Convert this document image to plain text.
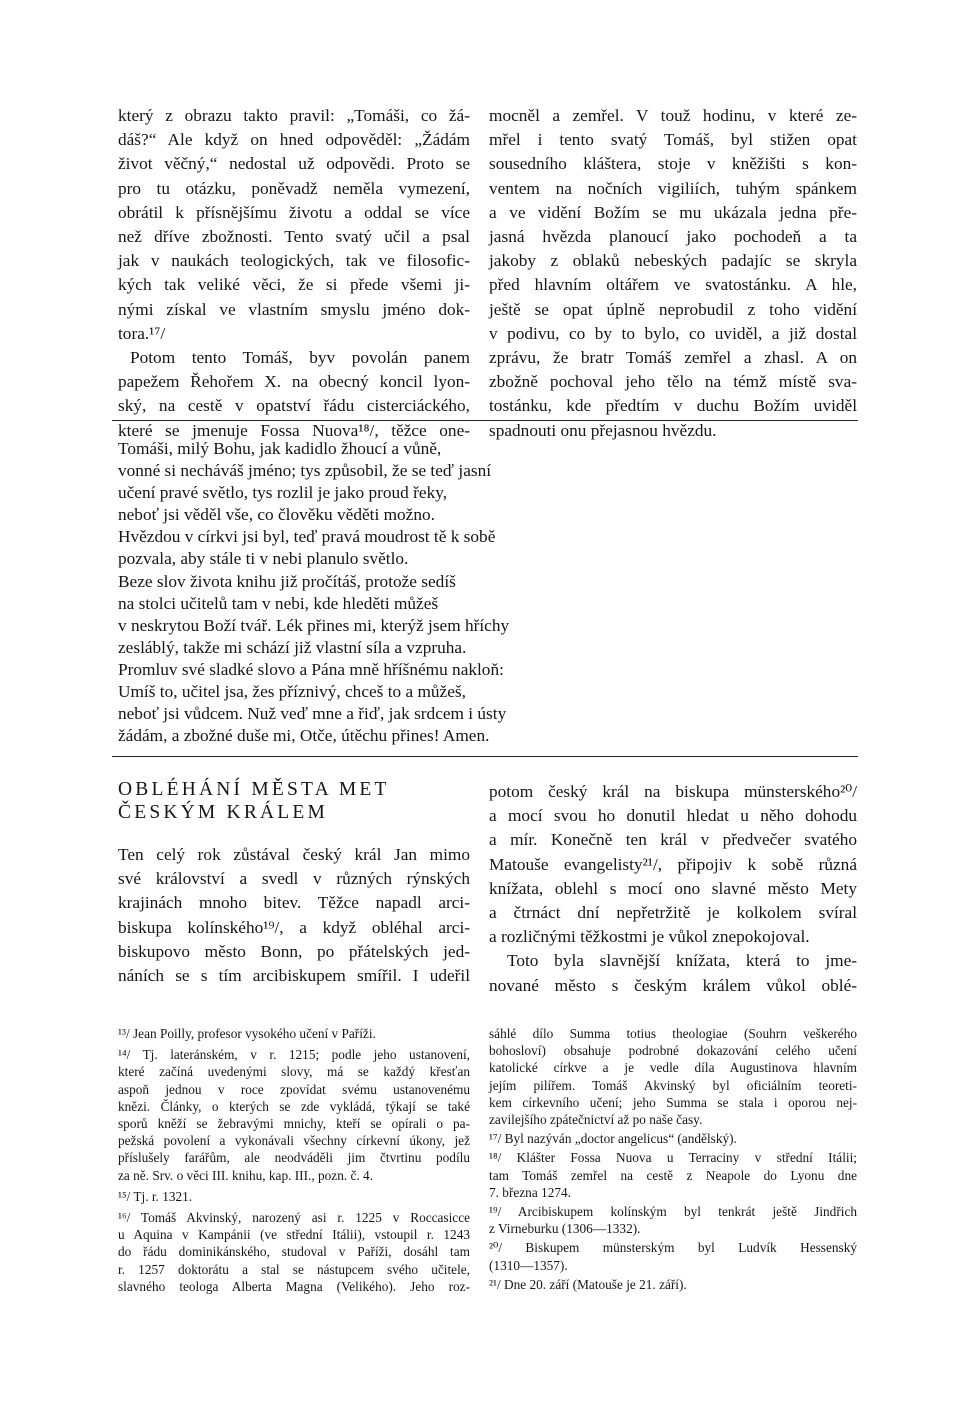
který z obrazu takto pravil: „Tomáši, co žá-
dáš?“ Ale když on hned odpověděl: „Žádám
život věčný,“ nedostal už odpovědi. Proto se
pro tu otázku, poněvadž neměla vymezení,
obrátil k přísnějšímu životu a oddal se více
než dříve zbožnosti. Tento svatý učil a psal
jak v naukách teologických, tak ve filosofic-
kých tak veliké věci, že si přede všemi ji-
nými získal ve vlastním smyslu jméno dok-
tora.¹⁷/
Potom tento Tomáš, byv povolán panem
papežem Řehořem X. na obecný koncil lyon-
ský, na cestě v opatství řádu cisterciáckého,
které se jmenuje Fossa Nuova¹⁸/, těžce one-
mocněl a zemřel. V touž hodinu, v které ze-
mřel i tento svatý Tomáš, byl stižen opat
sousedního kláštera, stoje v kněžišti s kon-
ventem na nočních vigiliích, tuhým spánkem
a ve vidění Božím se mu ukázala jedna pře-
jasná hvězda planoucí jako pochodeň a ta
jakoby z oblaků nebeských padajíc se skryla
před hlavním oltářem ve svatostánku. A hle,
ještě se opat úplně neprobudil z toho vidění
v podivu, co by to bylo, co uviděl, a již dostal
zprávu, že bratr Tomáš zemřel a zhasl. A on
zbožně pochoval jeho tělo na témž místě sva-
tostánku, kde předtím v duchu Božím uviděl
spadnouti onu přejasnou hvězdu.
Tomáši, milý Bohu, jak kadidlo žhoucí a vůně,
vonné si necháváš jméno; tys způsobil, že se teď jasní
učení pravé světlo, tys rozlil je jako proud řeky,
neboť jsi věděl vše, co člověku věděti možno.
Hvězdou v církvi jsi byl, teď pravá moudrost tě k sobě
pozvala, aby stále ti v nebi planulo světlo.
Beze slov života knihu již pročítáš, protože sedíš
na stolci učitelů tam v nebi, kde hleděti můžeš
v neskrytou Boží tvář. Lék přines mi, kterýž jsem hříchy
zesláblý, takže mi schází již vlastní síla a vzpruha.
Promluv své sladké slovo a Pána mně hříšnému nakloň:
Umíš to, učitel jsa, žes příznivý, chceš to a můžeš,
neboť jsi vůdcem. Nuž veď mne a řiď, jak srdcem i ústy
žádám, a zbožné duše mi, Otče, útěchu přines! Amen.
OBLÉHÁNÍ MĚSTA MET
ČESKÝM KRÁLEM
Ten celý rok zůstával český král Jan mimo
své království a svedl v různých rýnských
krajinách mnoho bitev. Těžce napadl arci-
biskupa kolínského¹⁹/, a když obléhal arci-
biskupovo město Bonn, po přátelských jed-
náních se s tím arcibiskupem smířil. I udeřil
potom český král na biskupa münsterského²⁰/
a mocí svou ho donutil hledat u něho dohodu
a mír. Konečně ten král v předvečer svatého
Matouše evangelisty²¹/, připojiv k sobě různá
knížata, oblehl s mocí ono slavné město Mety
a čtrnáct dní nepřetržitě je kolkolem svíral
a rozličnými těžkostmi je vůkol znepokojoval.
Toto byla slavnější knížata, která to jme-
nované město s českým králem vůkol oblé-
¹³/ Jean Poilly, profesor vysokého učení v Paříži.
¹⁴/ Tj. lateránském, v r. 1215; podle jeho ustanovení,
které začíná uvedenými slovy, má se každý křesťan
aspoň jednou v roce zpovídat svému ustanovenému
knězi. Články, o kterých se zde vykládá, týkají se také
sporů kněží se žebravými mnichy, kteří se opírali o pa-
pežská povolení a vykonávali všechny církevní úkony, jež
příslušely farářům, ale neodváděli jim čtvrtinu podílu
za ně. Srv. o věci III. knihu, kap. III., pozn. č. 4.
¹⁵/ Tj. r. 1321.
¹⁶/ Tomáš Akvinský, narozený asi r. 1225 v Roccasicce
u Aquina v Kampánii (ve střední Itálii), vstoupil r. 1243
do řádu dominikánského, studoval v Paříži, dosáhl tam
r. 1257 doktorátu a stal se nástupcem svého učitele,
slavného teologa Alberta Magna (Velikého). Jeho roz-
sáhlé dílo Summa totius theologiae (Souhrn veškerého
bohosloví) obsahuje podrobné dokazování celého učení
katolické církve a je vedle díla Augustinova hlavním
jejím pilířem. Tomáš Akvinský byl oficiálním teoreti-
kem církevního učení; jeho Summa se stala i oporou nej-
zavilejšího zpátečnictví až po naše časy.
¹⁷/ Byl nazýván „doctor angelicus“ (andělský).
¹⁸/ Klášter Fossa Nuova u Terraciny v střední Itálii;
tam Tomáš zemřel na cestě z Neapole do Lyonu dne
7. března 1274.
¹⁹/ Arcibiskupem kolínským byl tenkrát ještě Jindřich
z Virneburku (1306—1332).
²⁰/ Biskupem münsterským byl Ludvík Hessenský
(1310—1357).
²¹/ Dne 20. září (Matouše je 21. září).
